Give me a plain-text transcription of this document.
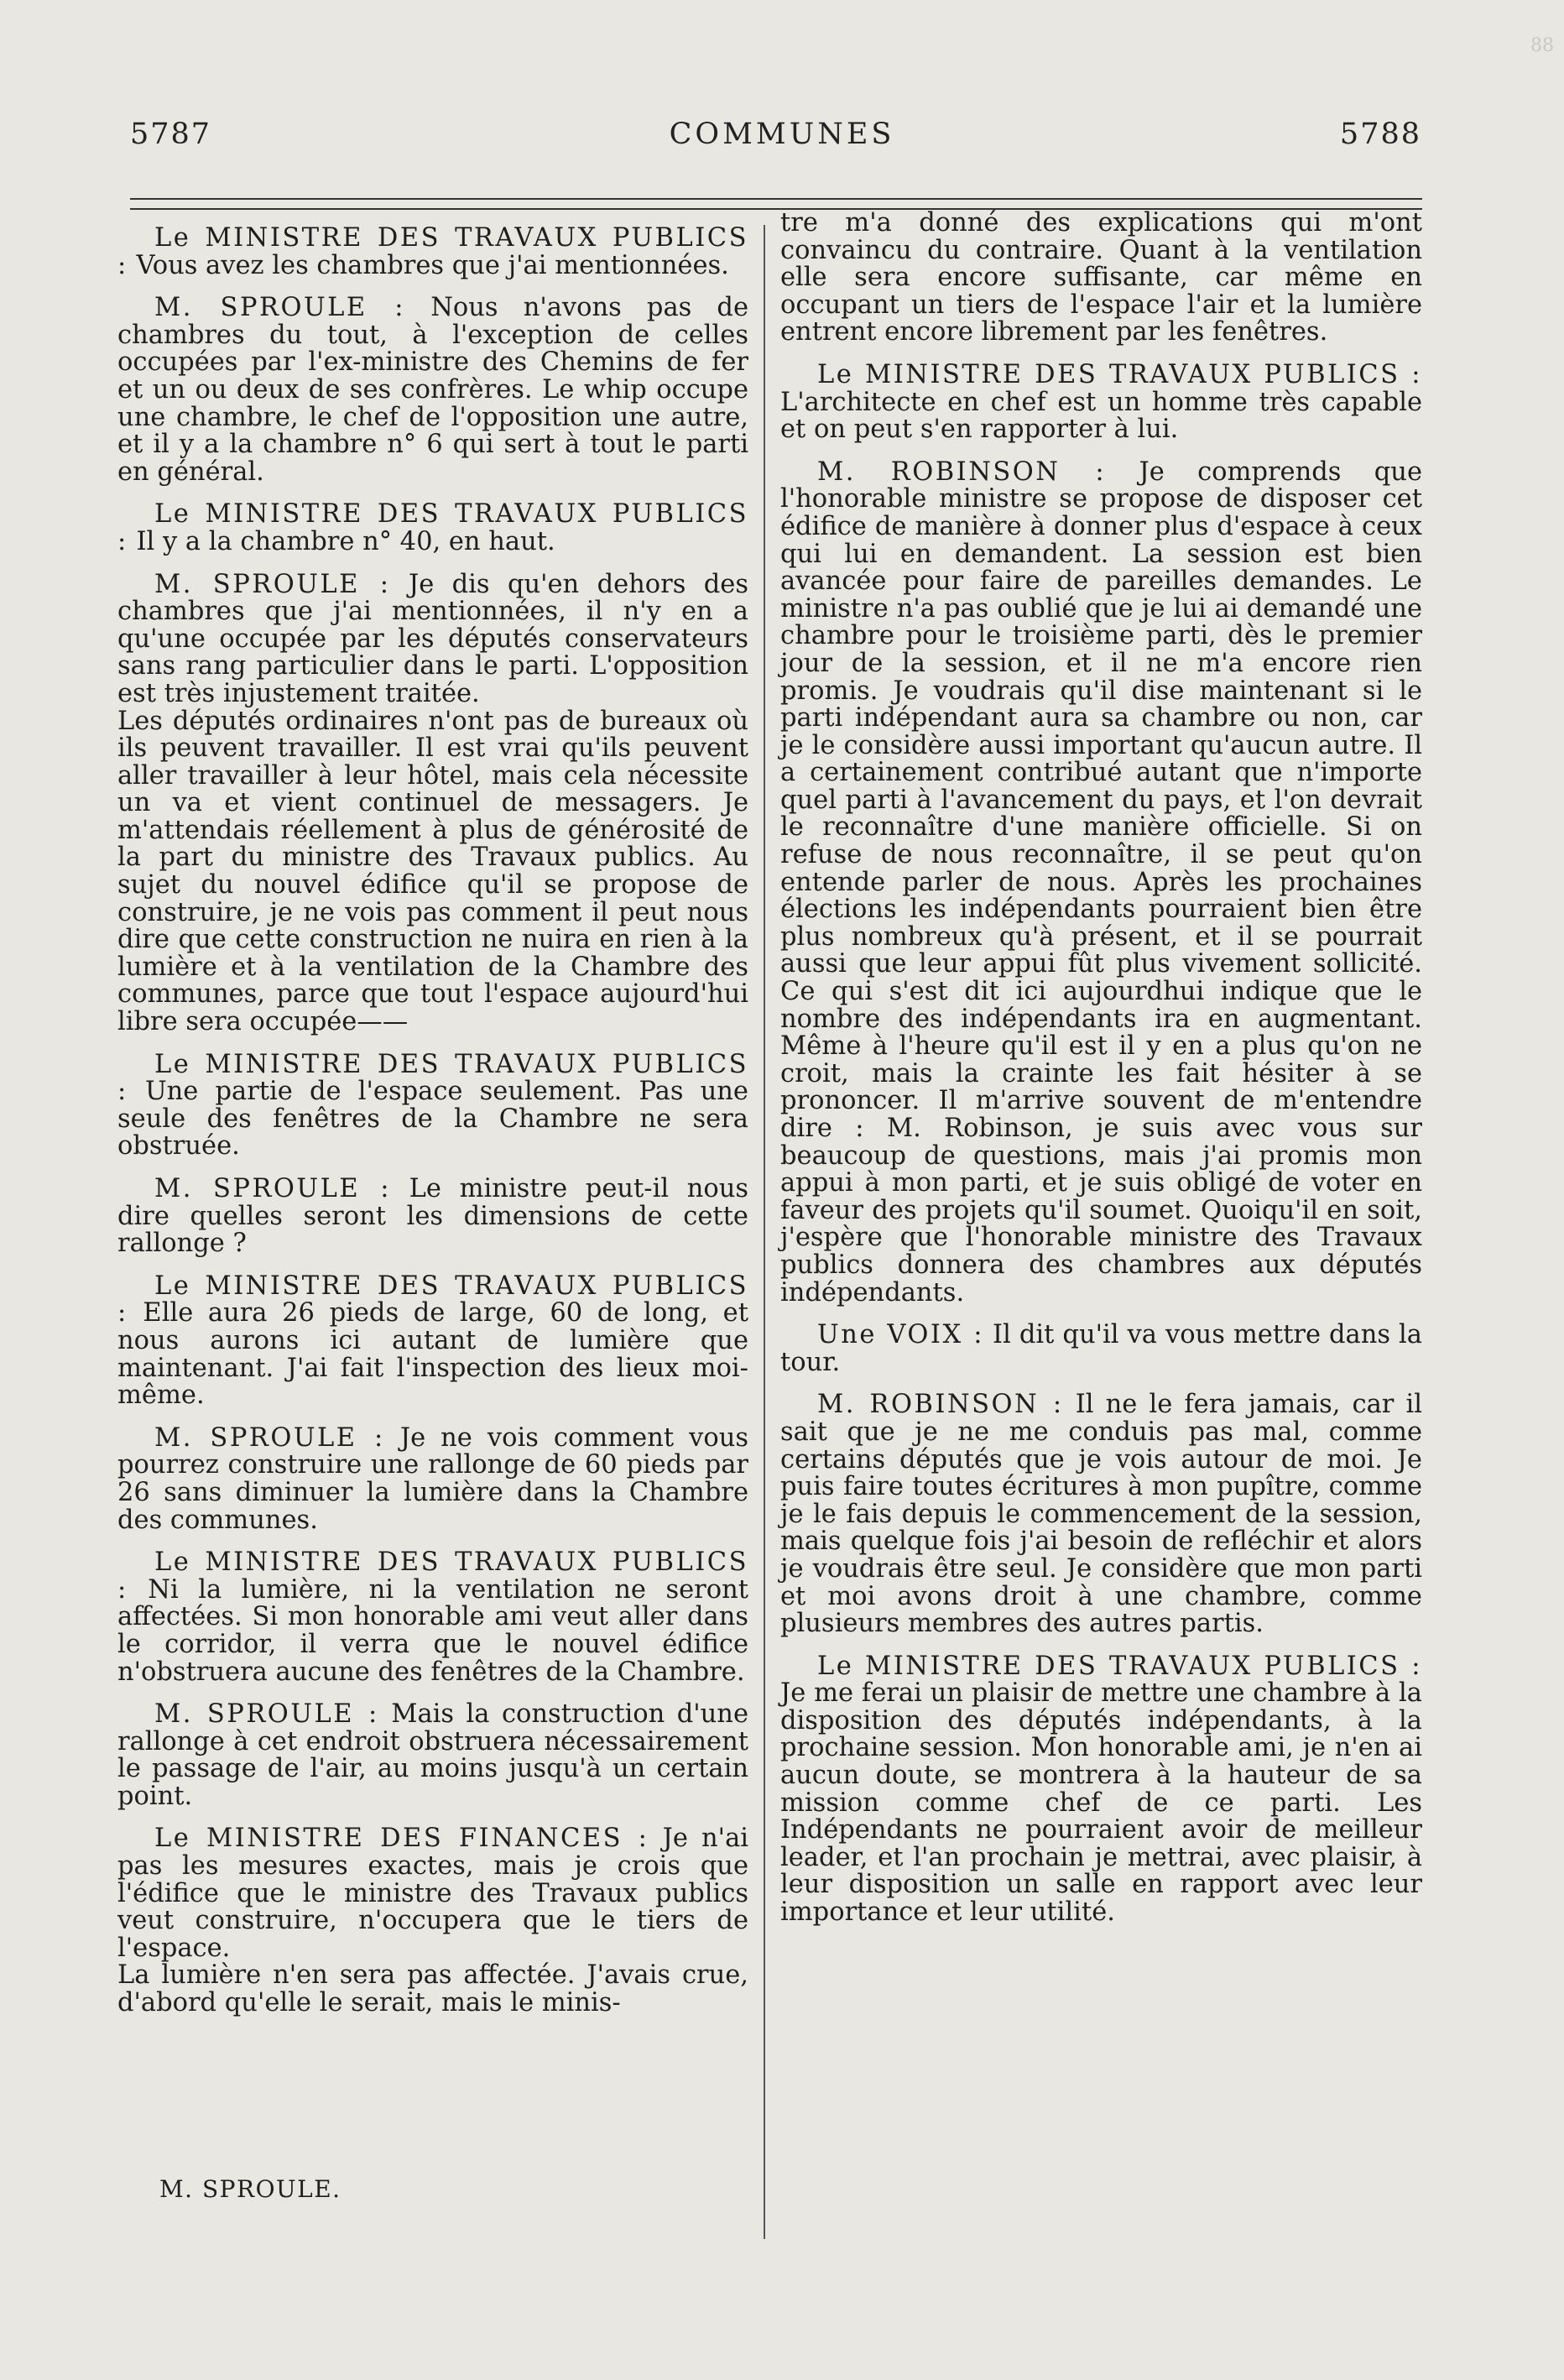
88
5787	COMMUNES	5788

Le MINISTRE DES TRAVAUX PUBLICS : Vous avez les chambres que j'ai mentionnées.

M. SPROULE : Nous n'avons pas de chambres du tout, à l'exception de celles occupées par l'ex-ministre des Chemins de fer et un ou deux de ses confrères. Le whip occupe une chambre, le chef de l'opposition une autre, et il y a la chambre n° 6 qui sert à tout le parti en général.

Le MINISTRE DES TRAVAUX PUBLICS : Il y a la chambre n° 40, en haut.

M. SPROULE : Je dis qu'en dehors des chambres que j'ai mentionnées, il n'y en a qu'une occupée par les députés conservateurs sans rang particulier dans le parti. L'opposition est très injustement traitée.

Les députés ordinaires n'ont pas de bureaux où ils peuvent travailler. Il est vrai qu'ils peuvent aller travailler à leur hôtel, mais cela nécessite un va et vient continuel de messagers. Je m'attendais réellement à plus de générosité de la part du ministre des Travaux publics. Au sujet du nouvel édifice qu'il se propose de construire, je ne vois pas comment il peut nous dire que cette construction ne nuira en rien à la lumière et à la ventilation de la Chambre des communes, parce que tout l'espace aujourd'hui libre sera occupée——

Le MINISTRE DES TRAVAUX PUBLICS : Une partie de l'espace seulement. Pas une seule des fenêtres de la Chambre ne sera obstruée.

M. SPROULE : Le ministre peut-il nous dire quelles seront les dimensions de cette rallonge ?

Le MINISTRE DES TRAVAUX PUBLICS : Elle aura 26 pieds de large, 60 de long, et nous aurons ici autant de lumière que maintenant. J'ai fait l'inspection des lieux moi-même.

M. SPROULE : Je ne vois comment vous pourrez construire une rallonge de 60 pieds par 26 sans diminuer la lumière dans la Chambre des communes.

Le MINISTRE DES TRAVAUX PUBLICS : Ni la lumière, ni la ventilation ne seront affectées. Si mon honorable ami veut aller dans le corridor, il verra que le nouvel édifice n'obstruera aucune des fenêtres de la Chambre.

M. SPROULE : Mais la construction d'une rallonge à cet endroit obstruera nécessairement le passage de l'air, au moins jusqu'à un certain point.

Le MINISTRE DES FINANCES : Je n'ai pas les mesures exactes, mais je crois que l'édifice que le ministre des Travaux publics veut construire, n'occupera que le tiers de l'espace.

La lumière n'en sera pas affectée. J'avais crue, d'abord qu'elle le serait, mais le minis-

tre m'a donné des explications qui m'ont convaincu du contraire. Quant à la ventilation elle sera encore suffisante, car même en occupant un tiers de l'espace l'air et la lumière entrent encore librement par les fenêtres.

Le MINISTRE DES TRAVAUX PUBLICS : L'architecte en chef est un homme très capable et on peut s'en rapporter à lui.

M. ROBINSON : Je comprends que l'honorable ministre se propose de disposer cet édifice de manière à donner plus d'espace à ceux qui lui en demandent. La session est bien avancée pour faire de pareilles demandes. Le ministre n'a pas oublié que je lui ai demandé une chambre pour le troisième parti, dès le premier jour de la session, et il ne m'a encore rien promis. Je voudrais qu'il dise maintenant si le parti indépendant aura sa chambre ou non, car je le considère aussi important qu'aucun autre. Il a certainement contribué autant que n'importe quel parti à l'avancement du pays, et l'on devrait le reconnaître d'une manière officielle. Si on refuse de nous reconnaître, il se peut qu'on entende parler de nous. Après les prochaines élections les indépendants pourraient bien être plus nombreux qu'à présent, et il se pourrait aussi que leur appui fût plus vivement sollicité. Ce qui s'est dit ici aujourdhui indique que le nombre des indépendants ira en augmentant. Même à l'heure qu'il est il y en a plus qu'on ne croit, mais la crainte les fait hésiter à se prononcer. Il m'arrive souvent de m'entendre dire : M. Robinson, je suis avec vous sur beaucoup de questions, mais j'ai promis mon appui à mon parti, et je suis obligé de voter en faveur des projets qu'il soumet. Quoiqu'il en soit, j'espère que l'honorable ministre des Travaux publics donnera des chambres aux députés indépendants.

Une VOIX : Il dit qu'il va vous mettre dans la tour.

M. ROBINSON : Il ne le fera jamais, car il sait que je ne me conduis pas mal, comme certains députés que je vois autour de moi. Je puis faire toutes écritures à mon pupître, comme je le fais depuis le commencement de la session, mais quelque fois j'ai besoin de refléchir et alors je voudrais être seul. Je considère que mon parti et moi avons droit à une chambre, comme plusieurs membres des autres partis.

Le MINISTRE DES TRAVAUX PUBLICS : Je me ferai un plaisir de mettre une chambre à la disposition des députés indépendants, à la prochaine session. Mon honorable ami, je n'en ai aucun doute, se montrera à la hauteur de sa mission comme chef de ce parti. Les Indépendants ne pourraient avoir de meilleur leader, et l'an prochain je mettrai, avec plaisir, à leur disposition un salle en rapport avec leur importance et leur utilité.

M. SPROULE.
